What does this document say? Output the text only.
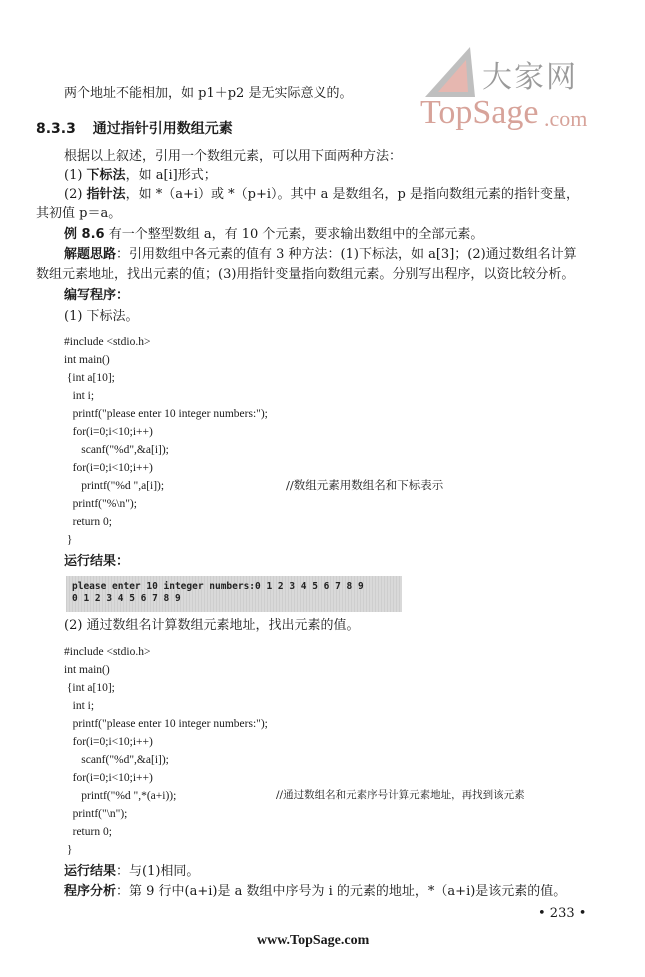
大家网
TopSage .com
两个地址不能相加，如 p1＋p2 是无实际意义的。
8.3.3 通过指针引用数组元素
根据以上叙述，引用一个数组元素，可以用下面两种方法：
(1) 下标法，如 a[i]形式；
(2) 指针法，如 *（a+i）或 *（p+i）。其中 a 是数组名，p 是指向数组元素的指针变量，
其初值 p＝a。
例 8.6 有一个整型数组 a，有 10 个元素，要求输出数组中的全部元素。
解题思路：引用数组中各元素的值有 3 种方法：(1)下标法，如 a[3]；(2)通过数组名计算
数组元素地址，找出元素的值；(3)用指针变量指向数组元素。分别写出程序，以资比较分析。
编写程序：
(1) 下标法。
#include <stdio.h>
int main()
{int a[10];
int i;
printf("please enter 10 integer numbers:");
for(i=0;i<10;i++)
scanf("%d",&a[i]);
for(i=0;i<10;i++)
printf("%d ",a[i]);
printf("%\n");
return 0;
}
//数组元素用数组名和下标表示
运行结果：
please enter 10 integer numbers:0 1 2 3 4 5 6 7 8 9
0 1 2 3 4 5 6 7 8 9
(2) 通过数组名计算数组元素地址，找出元素的值。
#include <stdio.h>
int main()
{int a[10];
int i;
printf("please enter 10 integer numbers:");
for(i=0;i<10;i++)
scanf("%d",&a[i]);
for(i=0;i<10;i++)
printf("%d ",*(a+i));
printf("\n");
return 0;
}
//通过数组名和元素序号计算元素地址，再找到该元素
运行结果：与(1)相同。
程序分析：第 9 行中(a+i)是 a 数组中序号为 i 的元素的地址，*（a+i)是该元素的值。
• 233 •
www.TopSage.com
